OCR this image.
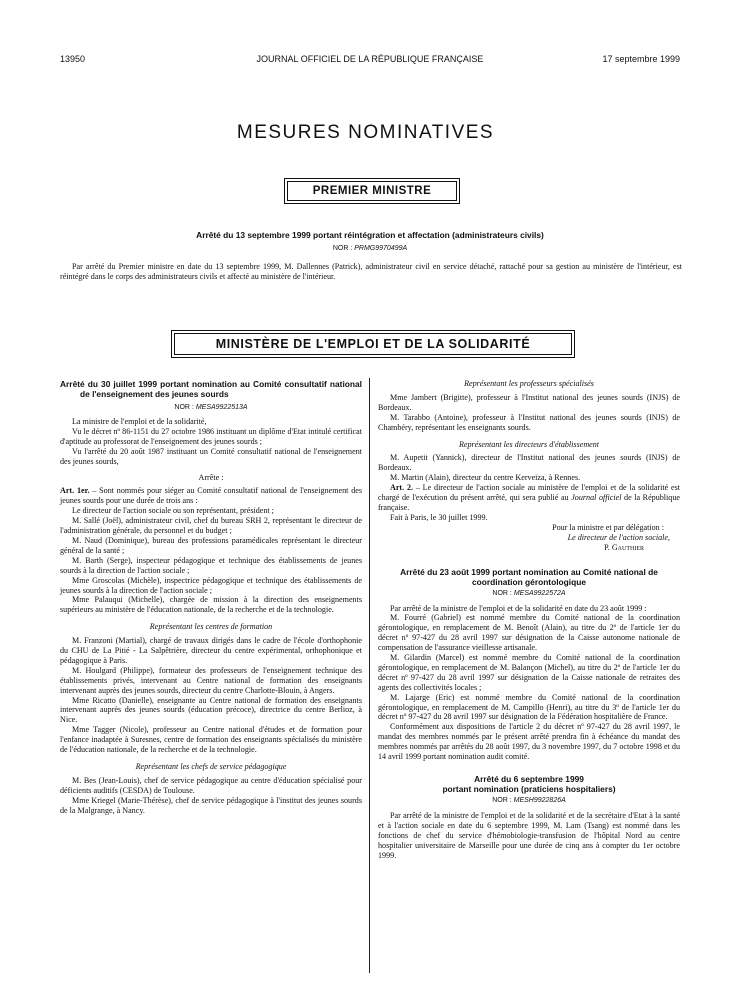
13950	JOURNAL OFFICIEL DE LA RÉPUBLIQUE FRANÇAISE	17 septembre 1999
MESURES NOMINATIVES
PREMIER MINISTRE
Arrêté du 13 septembre 1999 portant réintégration et affectation (administrateurs civils)
NOR : PRMG9970499A

Par arrêté du Premier ministre en date du 13 septembre 1999, M. Dallennes (Patrick), administrateur civil en service détaché, rattaché pour sa gestion au ministère de l'intérieur, est réintégré dans le corps des administrateurs civils et affecté au ministère de l'intérieur.

MINISTÈRE DE L'EMPLOI ET DE LA SOLIDARITÉ
Arrêté du 30 juillet 1999 portant nomination au Comité consultatif national de l'enseignement des jeunes sourds
NOR : MESA9922513A

La ministre de l'emploi et de la solidarité,

Vu le décret nº 86-1151 du 27 octobre 1986 instituant un diplôme d'Etat intitulé certificat d'aptitude au professorat de l'enseignement des jeunes sourds ;

Vu l'arrêté du 20 août 1987 instituant un Comité consultatif national de l'enseignement des jeunes sourds,

Arrête :

Art. 1er. – Sont nommés pour siéger au Comité consultatif national de l'enseignement des jeunes sourds pour une durée de trois ans :

Le directeur de l'action sociale ou son représentant, président ;

M. Sallé (Joël), administrateur civil, chef du bureau SRH 2, représentant le directeur de l'administration générale, du personnel et du budget ;

M. Naud (Dominique), bureau des professions paramédicales représentant le directeur général de la santé ;

M. Barth (Serge), inspecteur pédagogique et technique des établissements de jeunes sourds à la direction de l'action sociale ;

Mme Groscolas (Michèle), inspectrice pédagogique et technique des établissements de jeunes sourds à la direction de l'action sociale ;

Mme Palauqui (Michelle), chargée de mission à la direction des enseignements supérieurs au ministère de l'éducation nationale, de la recherche et de la technologie.

Représentant les centres de formation

M. Franzoni (Martial), chargé de travaux dirigés dans le cadre de l'école d'orthophonie du CHU de La Pitié - La Salpêtrière, directeur du centre expérimental, orthophonique et pédagogique à Paris.

M. Houlgard (Philippe), formateur des professeurs de l'enseignement technique des établissements privés, intervenant au Centre national de formation des enseignants intervenant auprès des jeunes sourds, directeur du centre Charlotte-Blouin, à Angers.

Mme Ricatto (Danielle), enseignante au Centre national de formation des enseignants intervenant auprès des jeunes sourds (éducation précoce), directrice du centre Berlioz, à Nice.

Mme Tagger (Nicole), professeur au Centre national d'études et de formation pour l'enfance inadaptée à Suresnes, centre de formation des enseignants spécialisés du ministère de l'éducation nationale, de la recherche et de la technologie.

Représentant les chefs de service pédagogique

M. Bes (Jean-Louis), chef de service pédagogique au centre d'éducation spécialisé pour déficients auditifs (CESDA) de Toulouse.

Mme Kriegel (Marie-Thérèse), chef de service pédagogique à l'institut des jeunes sourds de la Malgrange, à Nancy.

Représentant les professeurs spécialisés

Mme Jambert (Brigitte), professeur à l'Institut national des jeunes sourds (INJS) de Bordeaux.

M. Tarabbo (Antoine), professeur à l'Institut national des jeunes sourds (INJS) de Chambéry, représentant les enseignants sourds.

Représentant les directeurs d'établissement

M. Aupetit (Yannick), directeur de l'Institut national des jeunes sourds (INJS) de Bordeaux.

M. Martin (Alain), directeur du centre Kerveiza, à Rennes.

Art. 2. – Le directeur de l'action sociale au ministère de l'emploi et de la solidarité est chargé de l'exécution du présent arrêté, qui sera publié au Journal officiel de la République française.

Fait à Paris, le 30 juillet 1999.

Pour la ministre et par délégation :

Le directeur de l'action sociale,

P. Gauthier

Arrêté du 23 août 1999 portant nomination au Comité national de coordination gérontologique
NOR : MESA9922572A

Par arrêté de la ministre de l'emploi et de la solidarité en date du 23 août 1999 :

M. Fourré (Gabriel) est nommé membre du Comité national de la coordination gérontologique, en remplacement de M. Benoît (Alain), au titre du 2º de l'article 1er du décret nº 97-427 du 28 avril 1997 sur désignation de la Caisse autonome nationale de compensation de l'assurance vieillesse artisanale.

M. Gilardin (Marcel) est nommé membre du Comité national de la coordination gérontologique, en remplacement de M. Balançon (Michel), au titre du 2º de l'article 1er du décret nº 97-427 du 28 avril 1997 sur désignation de la Caisse nationale de retraites des agents des collectivités locales ;

M. Lajarge (Eric) est nommé membre du Comité national de la coordination gérontologique, en remplacement de M. Campillo (Henri), au titre du 3º de l'article 1er du décret nº 97-427 du 28 avril 1997 sur désignation de la Fédération hospitalière de France.

Conformément aux dispositions de l'article 2 du décret nº 97-427 du 28 avril 1997, le mandat des membres nommés par le présent arrêté prendra fin à échéance du mandat des membres nommés par arrêtés du 28 août 1997, du 3 novembre 1997, du 7 octobre 1998 et du 14 avril 1999 portant nomination audit comité.

Arrêté du 6 septembre 1999
portant nomination (praticiens hospitaliers)
NOR : MESH9922826A

Par arrêté de la ministre de l'emploi et de la solidarité et de la secrétaire d'Etat à la santé et à l'action sociale en date du 6 septembre 1999, M. Lam (Tsang) est nommé dans les fonctions de chef du service d'hémobiologie-transfusion de l'hôpital Nord au centre hospitalier universitaire de Marseille pour une durée de cinq ans à compter du 1er octobre 1999.
